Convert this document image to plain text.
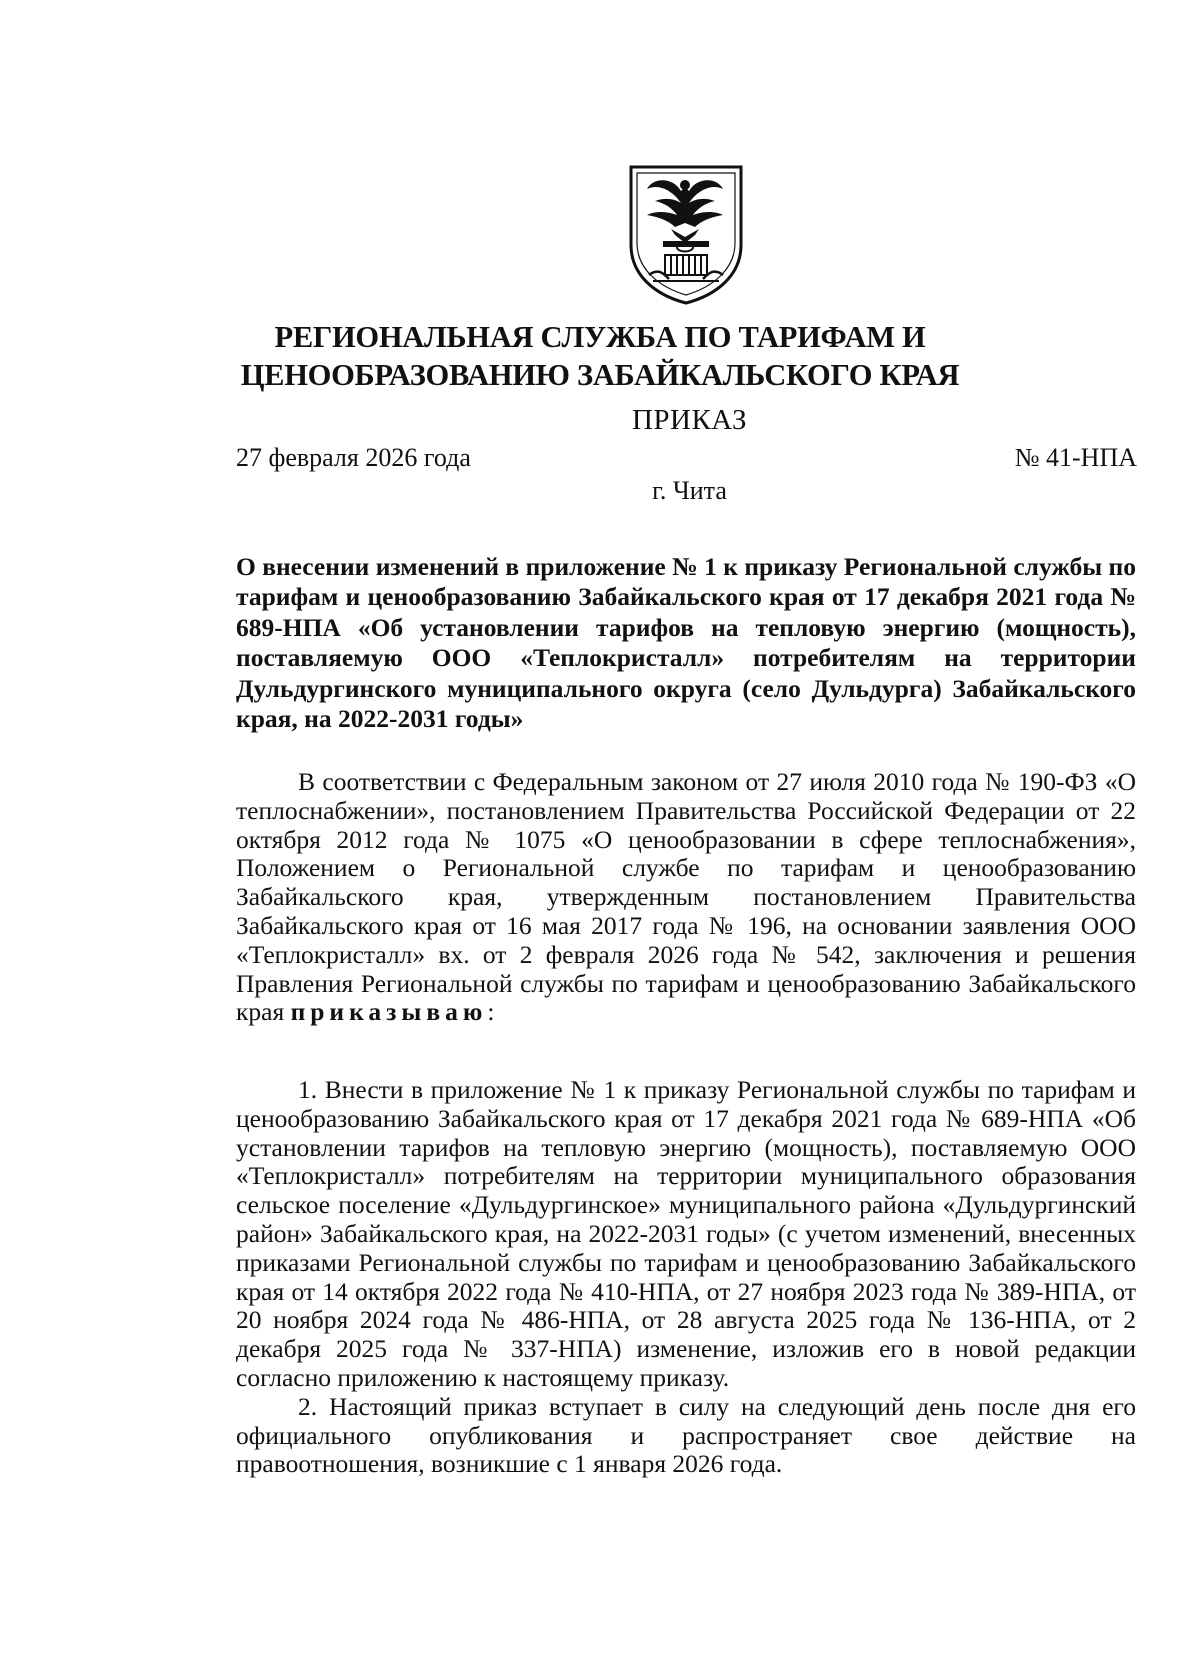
РЕГИОНАЛЬНАЯ СЛУЖБА ПО ТАРИФАМ И
ЦЕНООБРАЗОВАНИЮ ЗАБАЙКАЛЬСКОГО КРАЯ
ПРИКАЗ
27 февраля 2026 года	№ 41-НПА
г. Чита
О внесении изменений в приложение № 1 к приказу Региональной службы по тарифам и ценообразованию Забайкальского края от 17 декабря 2021 года № 689-НПА «Об установлении тарифов на тепловую энергию (мощность), поставляемую ООО «Теплокристалл» потребителям на территории Дульдургинского муниципального округа (село Дульдурга) Забайкальского края, на 2022-2031 годы»

В соответствии с Федеральным законом от 27 июля 2010 года № 190-ФЗ «О теплоснабжении», постановлением Правительства Российской Федерации от 22 октября 2012 года № 1075 «О ценообразовании в сфере теплоснабжения», Положением о Региональной службе по тарифам и ценообразованию Забайкальского края, утвержденным постановлением Правительства Забайкальского края от 16 мая 2017 года № 196, на основании заявления ООО «Теплокристалл» вх. от 2 февраля 2026 года № 542, заключения и решения Правления Региональной службы по тарифам и ценообразованию Забайкальского края приказываю:

1. Внести в приложение № 1 к приказу Региональной службы по тарифам и ценообразованию Забайкальского края от 17 декабря 2021 года № 689-НПА «Об установлении тарифов на тепловую энергию (мощность), поставляемую ООО «Теплокристалл» потребителям на территории муниципального образования сельское поселение «Дульдургинское» муниципального района «Дульдургинский район» Забайкальского края, на 2022-2031 годы» (с учетом изменений, внесенных приказами Региональной службы по тарифам и ценообразованию Забайкальского края от 14 октября 2022 года № 410-НПА, от 27 ноября 2023 года № 389-НПА, от 20 ноября 2024 года № 486-НПА, от 28 августа 2025 года № 136-НПА, от 2 декабря 2025 года № 337-НПА) изменение, изложив его в новой редакции согласно приложению к настоящему приказу.

2. Настоящий приказ вступает в силу на следующий день после дня его официального опубликования и распространяет свое действие на правоотношения, возникшие с 1 января 2026 года.
